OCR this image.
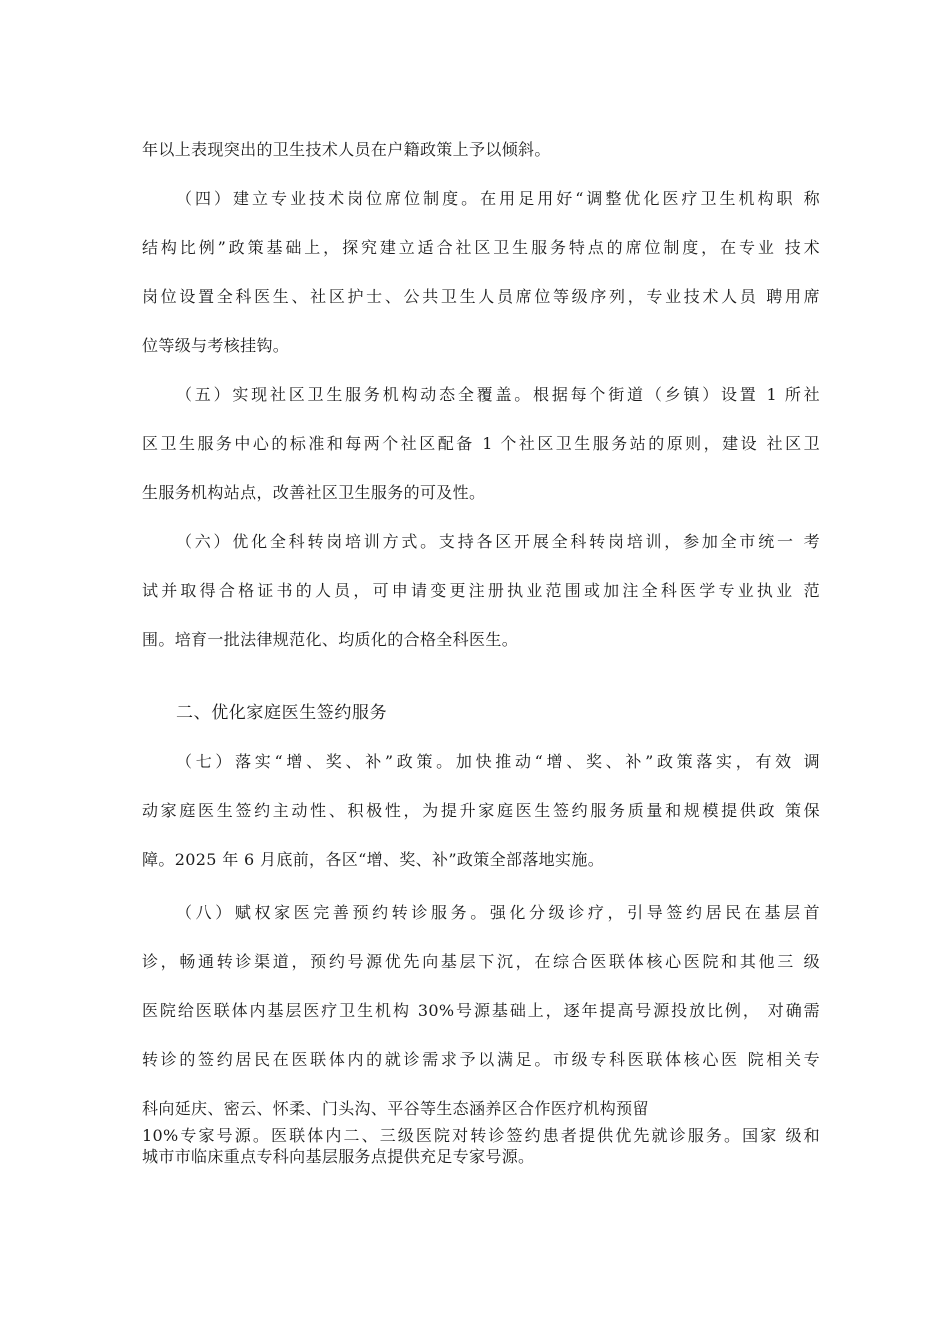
年以上表现突出的卫生技术人员在户籍政策上予以倾斜。
（四）建立专业技术岗位席位制度。在用足用好“调整优化医疗卫生机构职 称
结构比例”政策基础上，探究建立适合社区卫生服务特点的席位制度，在专业 技术
岗位设置全科医生、社区护士、公共卫生人员席位等级序列，专业技术人员 聘用席
位等级与考核挂钩。
（五）实现社区卫生服务机构动态全覆盖。根据每个街道（乡镇）设置 1 所社
区卫生服务中心的标准和每两个社区配备 1 个社区卫生服务站的原则，建设 社区卫
生服务机构站点，改善社区卫生服务的可及性。
（六）优化全科转岗培训方式。支持各区开展全科转岗培训，参加全市统一 考
试并取得合格证书的人员，可申请变更注册执业范围或加注全科医学专业执业 范
围。培育一批法律规范化、均质化的合格全科医生。
二、优化家庭医生签约服务
（七）落实“增、奖、补”政策。加快推动“增、奖、补”政策落实，有效 调
动家庭医生签约主动性、积极性，为提升家庭医生签约服务质量和规模提供政 策保
障。2025 年 6 月底前，各区“增、奖、补”政策全部落地实施。
（八）赋权家医完善预约转诊服务。强化分级诊疗，引导签约居民在基层首
诊，畅通转诊渠道，预约号源优先向基层下沉，在综合医联体核心医院和其他三 级
医院给医联体内基层医疗卫生机构 30%号源基础上，逐年提高号源投放比例， 对确需
转诊的签约居民在医联体内的就诊需求予以满足。市级专科医联体核心医 院相关专
科向延庆、密云、怀柔、门头沟、平谷等生态涵养区合作医疗机构预留
10%专家号源。医联体内二、三级医院对转诊签约患者提供优先就诊服务。国家 级和
城市市临床重点专科向基层服务点提供充足专家号源。
